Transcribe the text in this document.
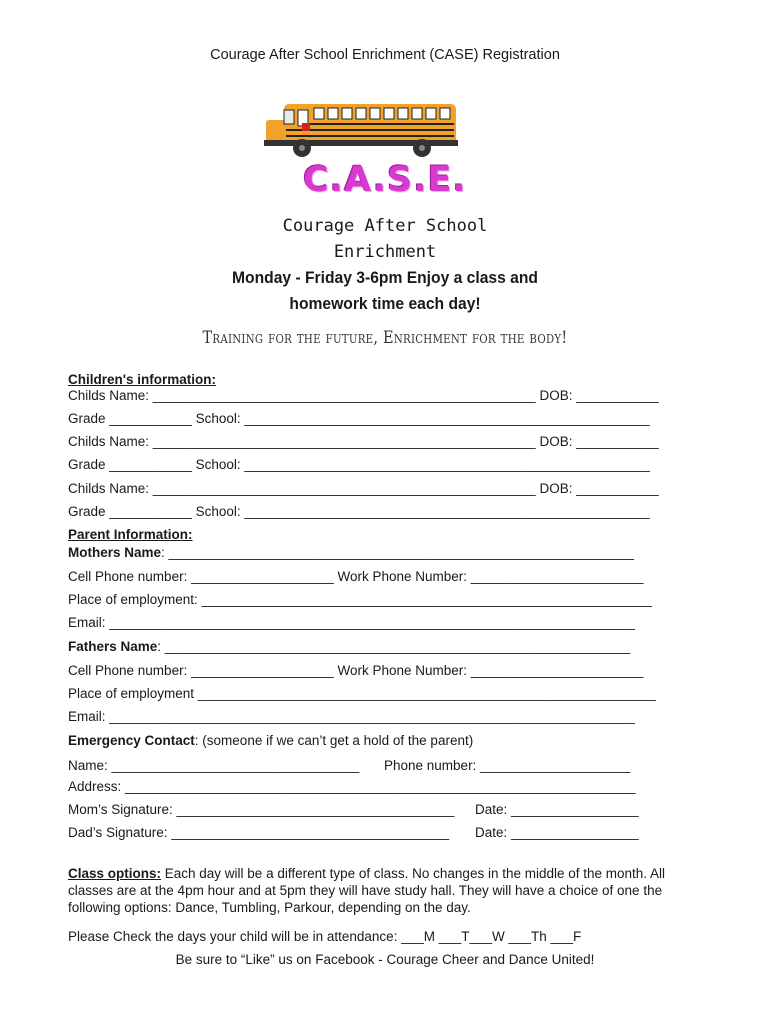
Courage After School Enrichment (CASE) Registration
C.A.S.E.
Courage After School
Enrichment
Monday - Friday 3-6pm Enjoy a class and
homework time each day!
Training for the future, Enrichment for the body!
Children's information:
Childs Name: ___________________________________________________ DOB: ___________
Grade ___________ School: ______________________________________________________
Childs Name: ___________________________________________________ DOB: ___________
Grade ___________ School: ______________________________________________________
Childs Name: ___________________________________________________ DOB: ___________
Grade ___________ School: ______________________________________________________
Parent Information:
Mothers Name: ______________________________________________________________
Cell Phone number: ___________________ Work Phone Number: _______________________
Place of employment: ____________________________________________________________
Email: ______________________________________________________________________
Fathers Name: ______________________________________________________________
Cell Phone number: ___________________ Work Phone Number: _______________________
Place of employment _____________________________________________________________
Email: ______________________________________________________________________
Emergency Contact: (someone if we can’t get a hold of the parent)
Name: _________________________________ Phone number: ____________________
Address: ____________________________________________________________________
Mom’s Signature: _____________________________________ Date: _________________
Dad’s Signature: _____________________________________ Date: _________________
Class options: Each day will be a different type of class. No changes in the middle of the month. All classes are at the 4pm hour and at 5pm they will have study hall. They will have a choice of one the following options: Dance, Tumbling, Parkour, depending on the day.
Please Check the days your child will be in attendance: ___M ___T___W ___Th ___F
Be sure to “Like” us on Facebook - Courage Cheer and Dance United!
